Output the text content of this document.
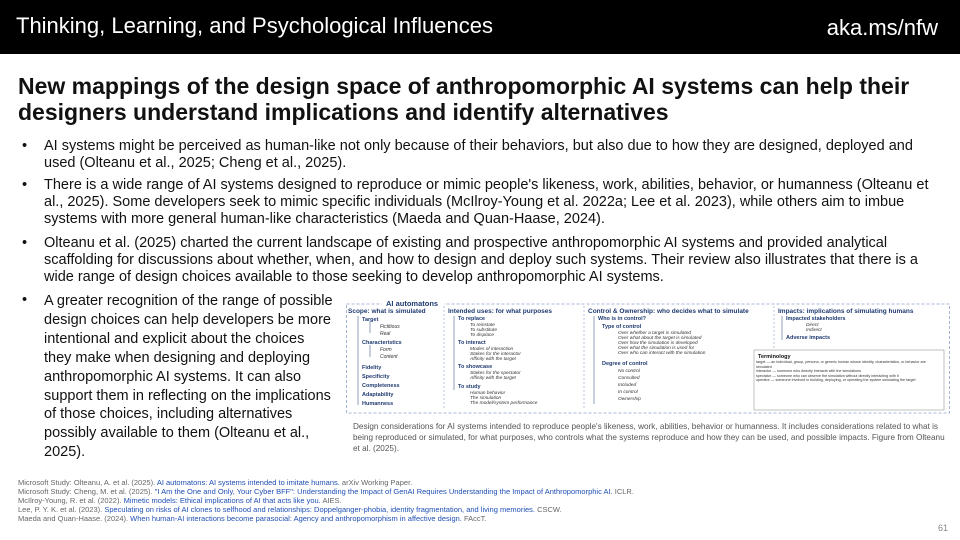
Thinking, Learning, and Psychological Influences	aka.ms/nfw
New mappings of the design space of anthropomorphic AI systems can help their designers understand implications and identify alternatives
• AI systems might be perceived as human-like not only because of their behaviors, but also due to how they are designed, deployed and used (Olteanu et al., 2025; Cheng et al., 2025).
• There is a wide range of AI systems designed to reproduce or mimic people's likeness, work, abilities, behavior, or humanness (Olteanu et al., 2025). Some developers seek to mimic specific individuals (McIlroy-Young et al. 2022a; Lee et al. 2023), while others aim to imbue systems with more general human-like characteristics (Maeda and Quan-Haase, 2024).
• Olteanu et al. (2025) charted the current landscape of existing and prospective anthropomorphic AI systems and provided analytical scaffolding for discussions about whether, when, and how to design and deploy such systems. Their review also illustrates that there is a wide range of design choices available to those seeking to develop anthropomorphic AI systems.
• A greater recognition of the range of possible design choices can help developers be more intentional and explicit about the choices they make when designing and deploying anthropomorphic AI systems. It can also support them in reflecting on the implications of those choices, including alternatives possibly available to them (Olteanu et al., 2025).
AI automatons
Scope: what is simulated	Intended uses: for what purposes	Control & Ownership: who decides what to simulate	Impacts: implications of simulating humans
Target
Fictitious
Real
Characteristics
Form
Content
Fidelity
Specificity
Completeness
Adaptability
Humanness
To replace
To reinstate
To substitute
To displace
To interact
Modes of interaction
Stakes for the interactor
Affinity with the target
To showcase
Stakes for the spectator
Affinity with the target
To study
Human behavior
The simulation
The model/system performance
Who is in control?
Type of control
Over whether a target is simulated
Over what about the target is simulated
Over how the simulation is developed
Over what the simulation is used for
Over who can interact with the simulation
Degree of control
No control
Consulted
Included
In control
Ownership
Impacted stakeholders
Direct
Indirect
Adverse impacts
Terminology
target — an individual, group, persona, or generic human whose identity, characteristics, or behavior are simulated
interactor — someone who directly interacts with the simulations
spectator — someone who can observe the simulation without directly interacting with it
operator — someone involved in building, deploying, or operating the system simulating the target
Design considerations for AI systems intended to reproduce people's likeness, work, abilities, behavior or humanness. It includes considerations related to what is being reproduced or simulated, for what purposes, who controls what the systems reproduce and how they can be used, and possible impacts. Figure from Olteanu et al. (2025).
Microsoft Study: Olteanu, A. et al. (2025). AI automatons: AI systems intended to imitate humans. arXiv Working Paper.
Microsoft Study: Cheng, M. et al. (2025). "I Am the One and Only, Your Cyber BFF": Understanding the Impact of GenAI Requires Understanding the Impact of Anthropomorphic AI. ICLR.
McIlroy-Young, R. et al. (2022). Mimetic models: Ethical implications of AI that acts like you. AIES.
Lee, P. Y. K. et al. (2023). Speculating on risks of AI clones to selfhood and relationships: Doppelganger-phobia, identity fragmentation, and living memories. CSCW.
Maeda and Quan-Haase. (2024). When human-AI interactions become parasocial: Agency and anthropomorphism in affective design. FAccT.
61
